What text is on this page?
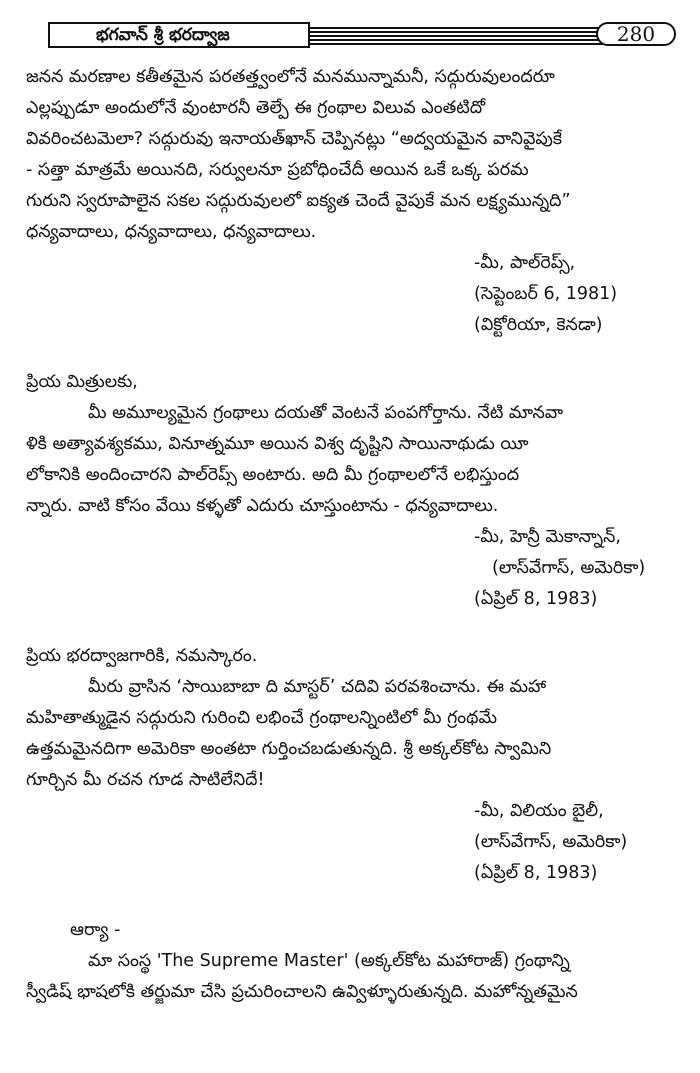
భగవాన్ శ్రీ భరద్వాజ	280
జనన మరణాల కతీతమైన పరతత్త్వంలోనే మనమున్నామనీ, సద్గురువులందరూ
ఎల్లప్పుడూ అందులోనే వుంటారనీ తెల్పే ఈ గ్రంథాల విలువ ఎంతటిదో
వివరించటమెలా? సద్గురువు ఇనాయత్‌ఖాన్ చెప్పినట్లు “అద్వయమైన వానివైపుకే
- సత్తా మాత్రమే అయినది, సర్వులనూ ప్రబోధించేదీ అయిన ఒకే ఒక్క పరమ
గురుని స్వరూపాలైన సకల సద్గురువులలో ఐక్యత చెందే వైపుకే మన లక్ష్యమున్నది”
ధన్యవాదాలు, ధన్యవాదాలు, ధన్యవాదాలు.
-మీ, పాల్‌రెప్స్,
(సెప్టెంబర్ 6, 1981)
(విక్టోరియా, కెనడా)
ప్రియ మిత్రులకు,
మీ అమూల్యమైన గ్రంథాలు దయతో వెంటనే పంపగోర్తాను. నేటి మానవా
ళికి అత్యావశ్యకము, వినూత్నమూ అయిన విశ్వ దృష్టిని సాయినాథుడు యీ
లోకానికి అందించారని పాల్‌రెప్స్ అంటారు. అది మీ గ్రంథాలలోనే లభిస్తుంద
న్నారు. వాటి కోసం వేయి కళ్ళతో ఎదురు చూస్తుంటాను - ధన్యవాదాలు.
-మీ, హెన్రీ మెకాన్నాన్,
(లాస్‌వేగాస్, అమెరికా)
(ఏప్రిల్ 8, 1983)
ప్రియ భరద్వాజగారికి, నమస్కారం.
మీరు వ్రాసిన ‘సాయిబాబా ది మాస్టర్’ చదివి పరవశించాను. ఈ మహా
మహితాత్ముడైన సద్గురుని గురించి లభించే గ్రంథాలన్నింటిలో మీ గ్రంథమే
ఉత్తమమైనదిగా అమెరికా అంతటా గుర్తించబడుతున్నది. శ్రీ అక్కల్‌కోట స్వామిని
గూర్చిన మీ రచన గూడ సాటిలేనిదే!
-మీ, విలియం బైలీ,
(లాస్‌వేగాస్, అమెరికా)
(ఏప్రిల్ 8, 1983)
ఆర్యా -
మా సంస్థ 'The Supreme Master' (అక్కల్‌కోట మహారాజ్) గ్రంథాన్ని
స్వీడిష్ భాషలోకి తర్జుమా చేసి ప్రచురించాలని ఉవ్విళ్ళూరుతున్నది. మహోన్నతమైన
